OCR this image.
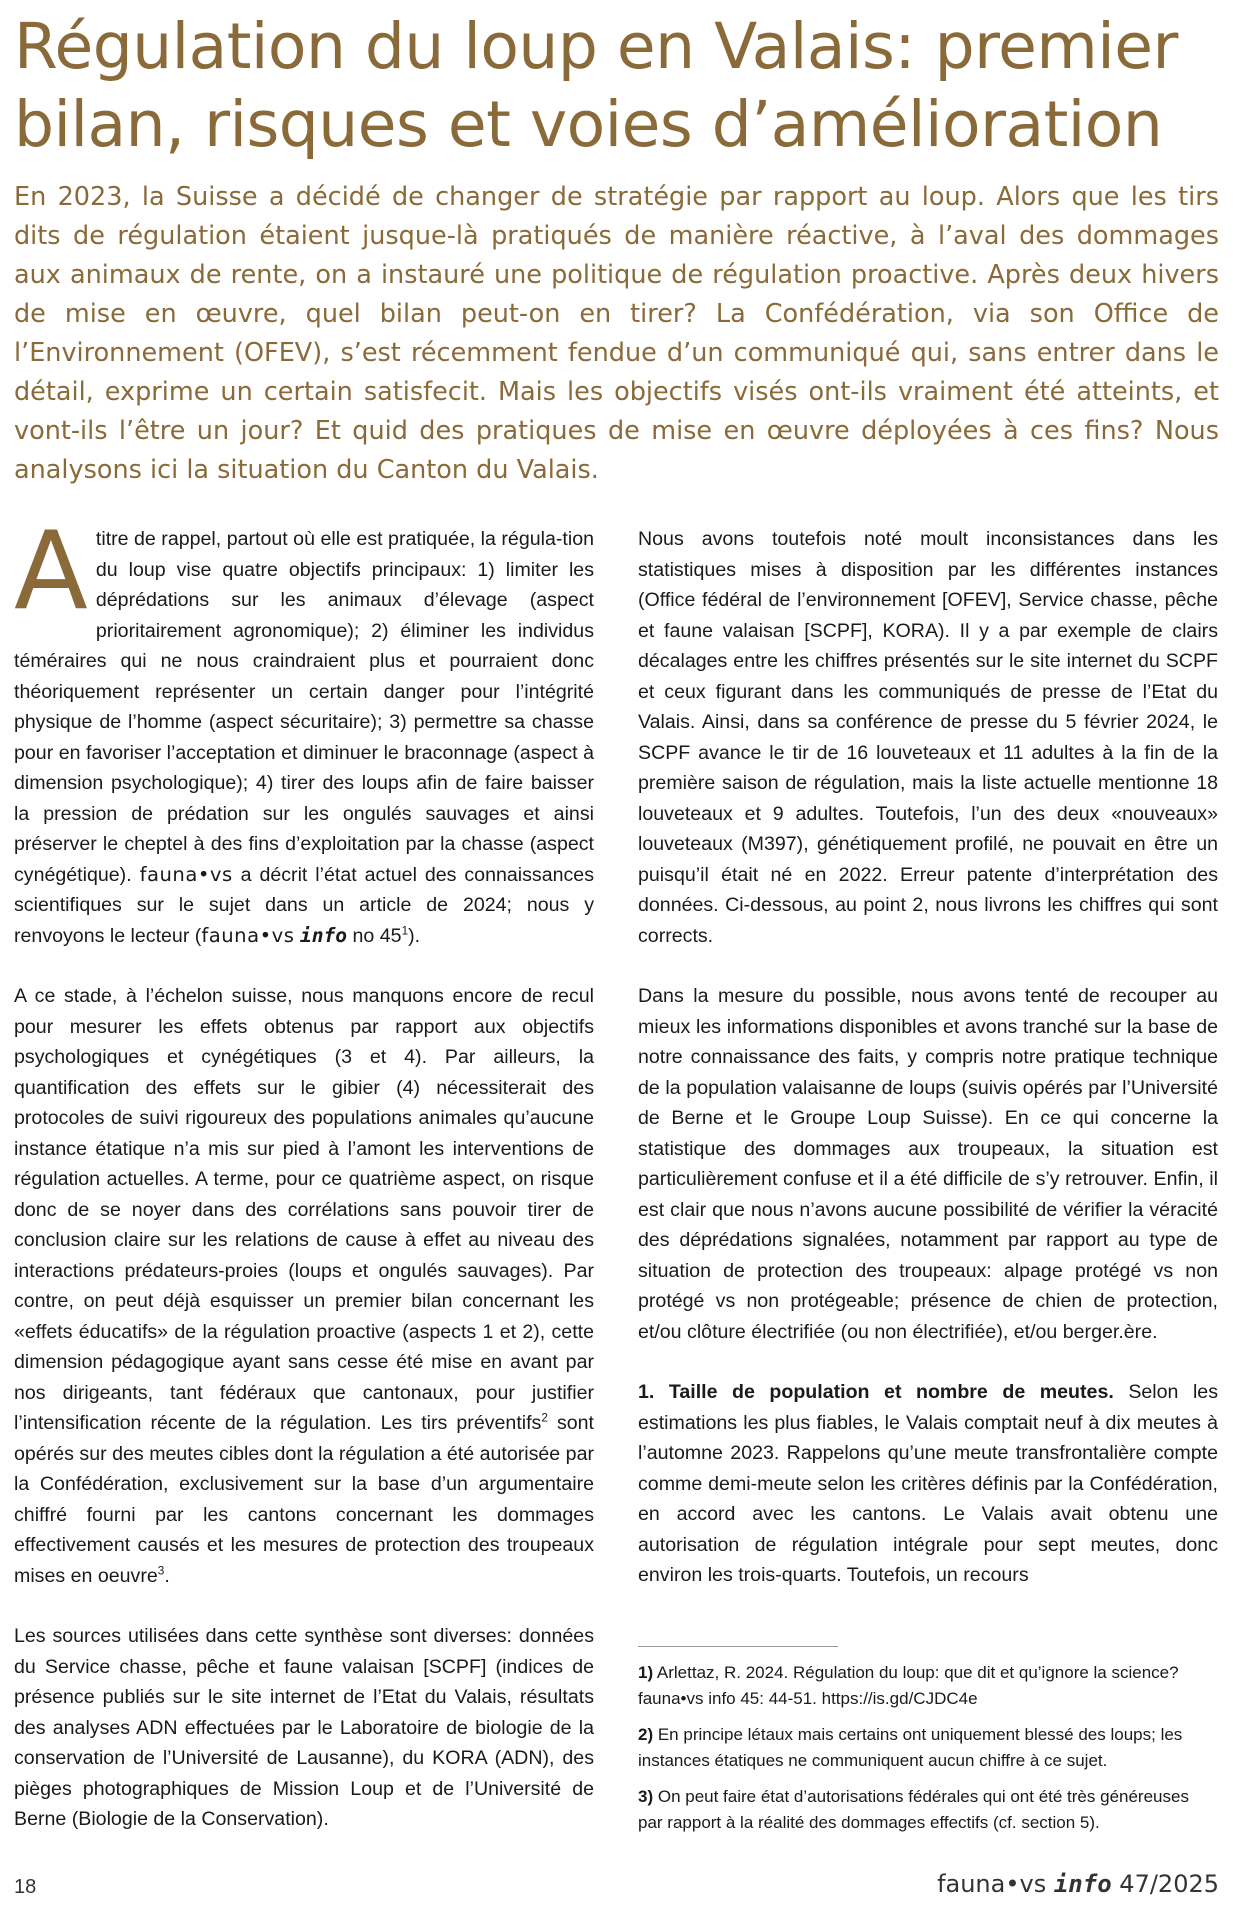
Régulation du loup en Valais: premier bilan, risques et voies d’amélioration

En 2023, la Suisse a décidé de changer de stratégie par rapport au loup. Alors que les tirs dits de régulation étaient jusque-là pratiqués de manière réactive, à l’aval des dommages aux animaux de rente, on a instauré une politique de régulation proactive. Après deux hivers de mise en œuvre, quel bilan peut-on en tirer? La Confédération, via son Office de l’Environnement (OFEV), s’est récemment fendue d’un communiqué qui, sans entrer dans le détail, exprime un certain satisfecit. Mais les objectifs visés ont-ils vraiment été atteints, et vont-ils l’être un jour? Et quid des pratiques de mise en œuvre déployées à ces fins? Nous analysons ici la situation du Canton du Valais.

A titre de rappel, partout où elle est pratiquée, la régula-tion du loup vise quatre objectifs principaux: 1) limiter les déprédations sur les animaux d’élevage (aspect prioritairement agronomique); 2) éliminer les individus téméraires qui ne nous craindraient plus et pourraient donc théoriquement représenter un certain danger pour l’intégrité physique de l’homme (aspect sécuritaire); 3) permettre sa chasse pour en favoriser l’acceptation et diminuer le braconnage (aspect à dimension psychologique); 4) tirer des loups afin de faire baisser la pression de prédation sur les ongulés sauvages et ainsi préserver le cheptel à des fins d’exploitation par la chasse (aspect cynégétique). fauna•vs a décrit l’état actuel des connaissances scientifiques sur le sujet dans un article de 2024; nous y renvoyons le lecteur (fauna•vs info no $45^1$).

A ce stade, à l’échelon suisse, nous manquons encore de recul pour mesurer les effets obtenus par rapport aux objectifs psychologiques et cynégétiques (3 et 4). Par ailleurs, la quantification des effets sur le gibier (4) nécessiterait des protocoles de suivi rigoureux des populations animales qu’aucune instance étatique n’a mis sur pied à l’amont les interventions de régulation actuelles. A terme, pour ce quatrième aspect, on risque donc de se noyer dans des corrélations sans pouvoir tirer de conclusion claire sur les relations de cause à effet au niveau des interactions prédateurs-proies (loups et ongulés sauvages). Par contre, on peut déjà esquisser un premier bilan concernant les «effets éducatifs» de la régulation proactive (aspects 1 et 2), cette dimension pédagogique ayant sans cesse été mise en avant par nos dirigeants, tant fédéraux que cantonaux, pour justifier l’intensification récente de la régulation. Les tirs préventifs$^2$ sont opérés sur des meutes cibles dont la régulation a été autorisée par la Confédération, exclusivement sur la base d’un argumentaire chiffré fourni par les cantons concernant les dommages effectivement causés et les mesures de protection des troupeaux mises en oeuvre$^3$.

Les sources utilisées dans cette synthèse sont diverses: données du Service chasse, pêche et faune valaisan [SCPF] (indices de présence publiés sur le site internet de l’Etat du Valais, résultats des analyses ADN effectuées par le Laboratoire de biologie de la conservation de l’Université de Lausanne), du KORA (ADN), des pièges photographiques de Mission Loup et de l’Université de Berne (Biologie de la Conservation).

Nous avons toutefois noté moult inconsistances dans les statistiques mises à disposition par les différentes instances (Office fédéral de l’environnement [OFEV], Service chasse, pêche et faune valaisan [SCPF], KORA). Il y a par exemple de clairs décalages entre les chiffres présentés sur le site internet du SCPF et ceux figurant dans les communiqués de presse de l’Etat du Valais. Ainsi, dans sa conférence de presse du 5 février 2024, le SCPF avance le tir de 16 louveteaux et 11 adultes à la fin de la première saison de régulation, mais la liste actuelle mentionne 18 louveteaux et 9 adultes. Toutefois, l’un des deux «nouveaux» louveteaux (M397), génétiquement profilé, ne pouvait en être un puisqu’il était né en 2022. Erreur patente d’interprétation des données. Ci-dessous, au point 2, nous livrons les chiffres qui sont corrects.

Dans la mesure du possible, nous avons tenté de recouper au mieux les informations disponibles et avons tranché sur la base de notre connaissance des faits, y compris notre pratique technique de la population valaisanne de loups (suivis opérés par l’Université de Berne et le Groupe Loup Suisse). En ce qui concerne la statistique des dommages aux troupeaux, la situation est particulièrement confuse et il a été difficile de s’y retrouver. Enfin, il est clair que nous n’avons aucune possibilité de vérifier la véracité des déprédations signalées, notamment par rapport au type de situation de protection des troupeaux: alpage protégé vs non protégé vs non protégeable; présence de chien de protection, et/ou clôture électrifiée (ou non électrifiée), et/ou berger.ère.

1. Taille de population et nombre de meutes. Selon les estimations les plus fiables, le Valais comptait neuf à dix meutes à l’automne 2023. Rappelons qu’une meute transfrontalière compte comme demi-meute selon les critères définis par la Confédération, en accord avec les cantons. Le Valais avait obtenu une autorisation de régulation intégrale pour sept meutes, donc environ les trois-quarts. Toutefois, un recours

1) Arlettaz, R. 2024. Régulation du loup: que dit et qu’ignore la science? fauna•vs info 45: 44-51. https://is.gd/CJDC4e

2) En principe létaux mais certains ont uniquement blessé des loups; les instances étatiques ne communiquent aucun chiffre à ce sujet.

3) On peut faire état d’autorisations fédérales qui ont été très généreuses par rapport à la réalité des dommages effectifs (cf. section 5).

18	fauna•vs info 47/2025
